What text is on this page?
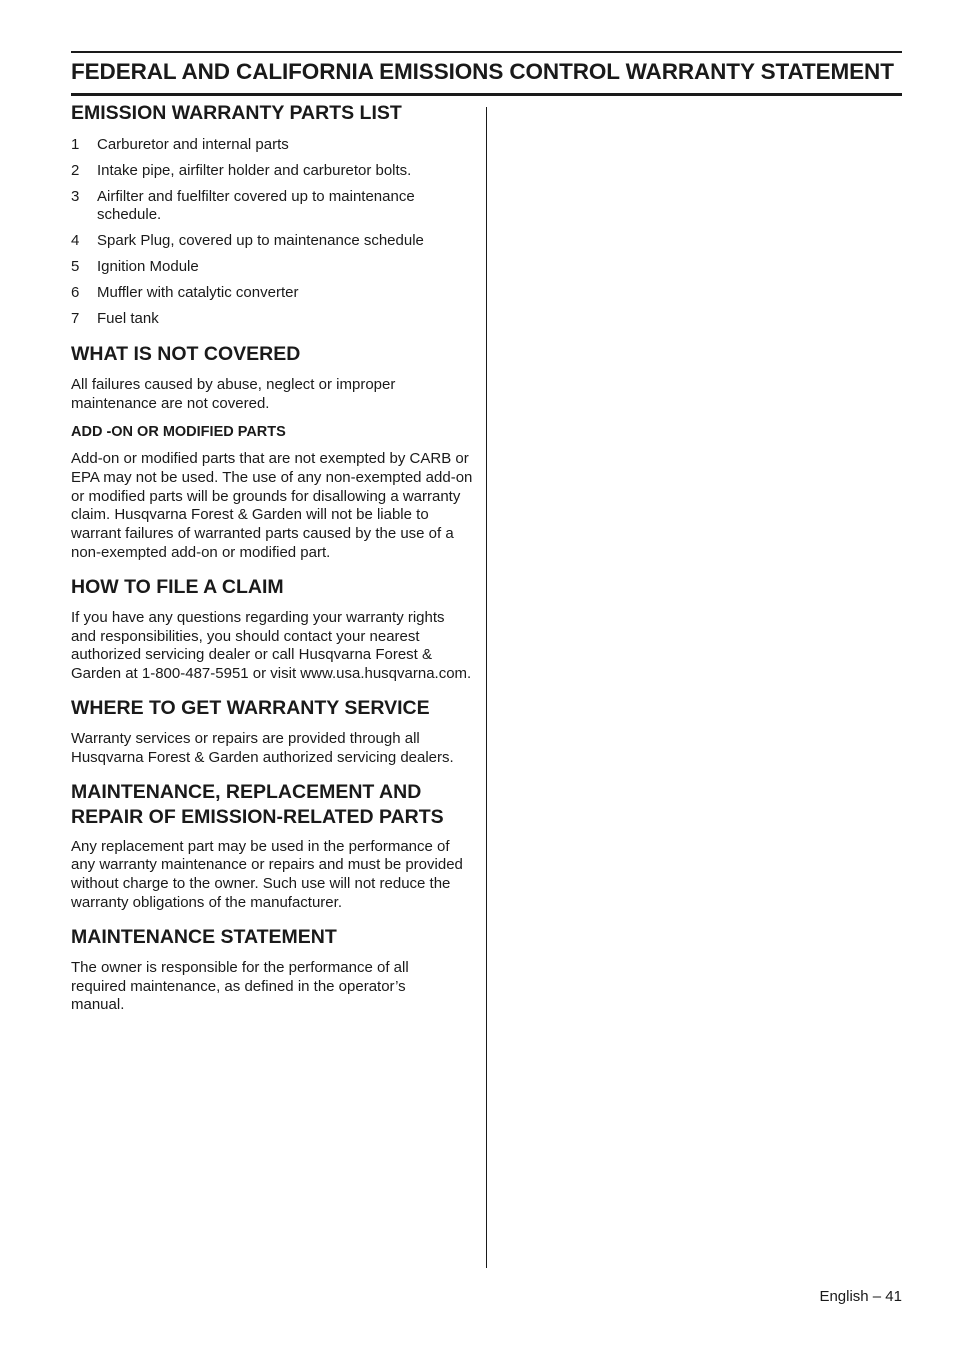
FEDERAL AND CALIFORNIA EMISSIONS CONTROL WARRANTY STATEMENT
EMISSION WARRANTY PARTS LIST
1	Carburetor and internal parts
2	Intake pipe, airfilter holder and carburetor bolts.
3	Airfilter and fuelfilter covered up to maintenance schedule.
4	Spark Plug, covered up to maintenance schedule
5	Ignition Module
6	Muffler with catalytic converter
7	Fuel tank
WHAT IS NOT COVERED

All failures caused by abuse, neglect or improper maintenance are not covered.

ADD -ON OR MODIFIED PARTS

Add-on or modified parts that are not exempted by CARB or EPA may not be used. The use of any non-exempted add-on or modified parts will be grounds for disallowing a warranty claim. Husqvarna Forest & Garden will not be liable to warrant failures of warranted parts caused by the use of a non-exempted add-on or modified part.

HOW TO FILE A CLAIM

If you have any questions regarding your warranty rights and responsibilities, you should contact your nearest authorized servicing dealer or call Husqvarna Forest & Garden at 1-800-487-5951 or visit www.usa.husqvarna.com.

WHERE TO GET WARRANTY SERVICE

Warranty services or repairs are provided through all Husqvarna Forest & Garden authorized servicing dealers.

MAINTENANCE, REPLACEMENT AND REPAIR OF EMISSION-RELATED PARTS

Any replacement part may be used in the performance of any warranty maintenance or repairs and must be provided without charge to the owner. Such use will not reduce the warranty obligations of the manufacturer.

MAINTENANCE STATEMENT

The owner is responsible for the performance of all required maintenance, as defined in the operator’s manual.

English – 41
